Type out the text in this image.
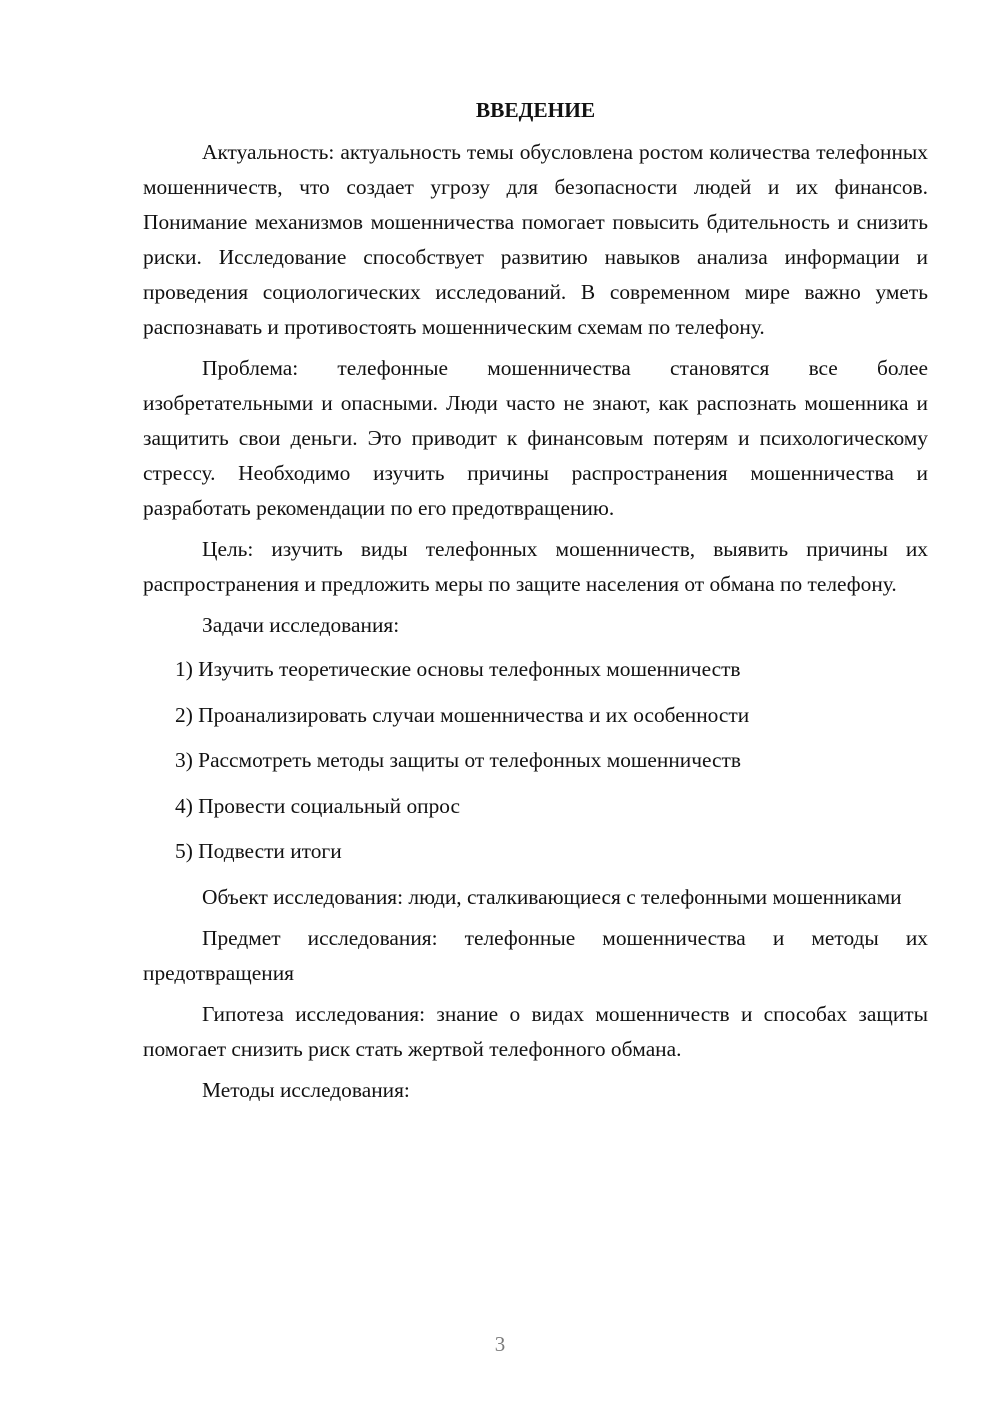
ВВЕДЕНИЕ

Актуальность: актуальность темы обусловлена ростом количества телефонных мошенничеств, что создает угрозу для безопасности людей и их финансов. Понимание механизмов мошенничества помогает повысить бдительность и снизить риски. Исследование способствует развитию навыков анализа информации и проведения социологических исследований. В современном мире важно уметь распознавать и противостоять мошенническим схемам по телефону.

Проблема: телефонные мошенничества становятся все более изобретательными и опасными. Люди часто не знают, как распознать мошенника и защитить свои деньги. Это приводит к финансовым потерям и психологическому стрессу. Необходимо изучить причины распространения мошенничества и разработать рекомендации по его предотвращению.

Цель: изучить виды телефонных мошенничеств, выявить причины их распространения и предложить меры по защите населения от обмана по телефону.

Задачи исследования:

1) Изучить теоретические основы телефонных мошенничеств
2) Проанализировать случаи мошенничества и их особенности
3) Рассмотреть методы защиты от телефонных мошенничеств
4) Провести социальный опрос
5) Подвести итоги

Объект исследования: люди, сталкивающиеся с телефонными мошенниками

Предмет исследования: телефонные мошенничества и методы их предотвращения

Гипотеза исследования: знание о видах мошенничеств и способах защиты помогает снизить риск стать жертвой телефонного обмана.

Методы исследования:

3
